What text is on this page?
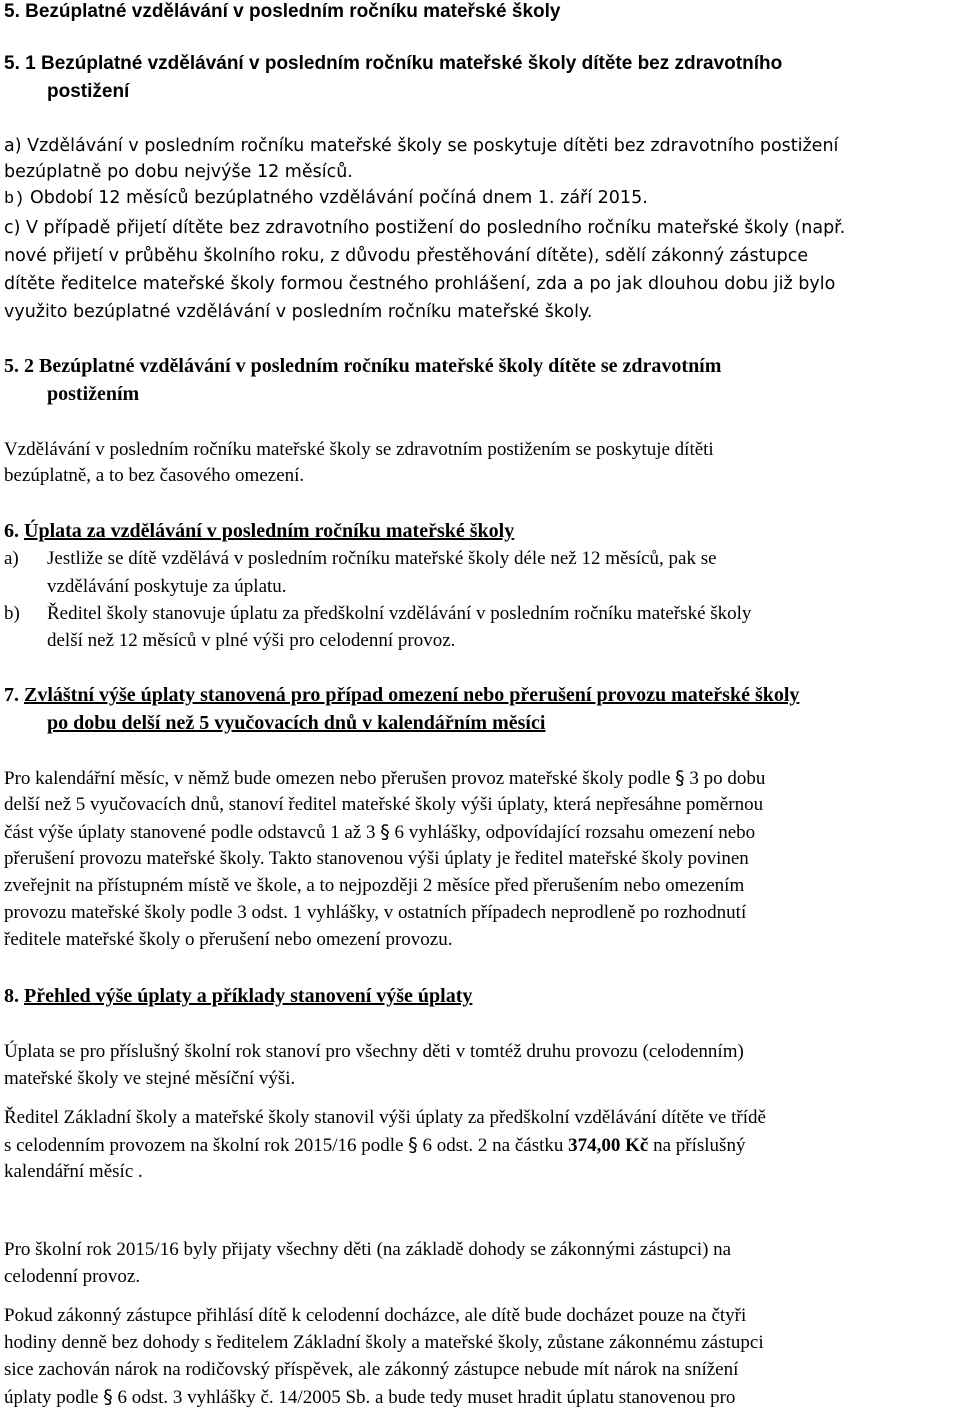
5. Bezúplatné vzdělávání v posledním ročníku mateřské školy
5. 1 Bezúplatné vzdělávání v posledním ročníku mateřské školy dítěte bez zdravotního
postižení
a) Vzdělávání v posledním ročníku mateřské školy se poskytuje dítěti bez zdravotního postižení
bezúplatně po dobu nejvýše 12 měsíců.
b) Období 12 měsíců bezúplatného vzdělávání počíná dnem 1. září 2015.
c) V případě přijetí dítěte bez zdravotního postižení do posledního ročníku mateřské školy (např.
nové přijetí v průběhu školního roku, z důvodu přestěhování dítěte), sdělí zákonný zástupce
dítěte ředitelce mateřské školy formou čestného prohlášení, zda a po jak dlouhou dobu již bylo
využito bezúplatné vzdělávání v posledním ročníku mateřské školy.
5. 2 Bezúplatné vzdělávání v posledním ročníku mateřské školy dítěte se zdravotním
postižením
Vzdělávání v posledním ročníku mateřské školy se zdravotním postižením se poskytuje dítěti
bezúplatně, a to bez časového omezení.
6. Úplata za vzdělávání v posledním ročníku mateřské školy
a) Jestliže se dítě vzdělává v posledním ročníku mateřské školy déle než 12 měsíců, pak se
vzdělávání poskytuje za úplatu.
b) Ředitel školy stanovuje úplatu za předškolní vzdělávání v posledním ročníku mateřské školy
delší než 12 měsíců v plné výši pro celodenní provoz.
7. Zvláštní výše úplaty stanovená pro případ omezení nebo přerušení provozu mateřské školy
po dobu delší než 5 vyučovacích dnů v kalendářním měsíci
Pro kalendářní měsíc, v němž bude omezen nebo přerušen provoz mateřské školy podle § 3 po dobu
delší než 5 vyučovacích dnů, stanoví ředitel mateřské školy výši úplaty, která nepřesáhne poměrnou
část výše úplaty stanovené podle odstavců 1 až 3 § 6 vyhlášky, odpovídající rozsahu omezení nebo
přerušení provozu mateřské školy. Takto stanovenou výši úplaty je ředitel mateřské školy povinen
zveřejnit na přístupném místě ve škole, a to nejpozději 2 měsíce před přerušením nebo omezením
provozu mateřské školy podle 3 odst. 1 vyhlášky, v ostatních případech neprodleně po rozhodnutí
ředitele mateřské školy o přerušení nebo omezení provozu.
8. Přehled výše úplaty a příklady stanovení výše úplaty
Úplata se pro příslušný školní rok stanoví pro všechny děti v tomtéž druhu provozu (celodenním)
mateřské školy ve stejné měsíční výši.
Ředitel Základní školy a mateřské školy stanovil výši úplaty za předškolní vzdělávání dítěte ve třídě
s celodenním provozem na školní rok 2015/16 podle § 6 odst. 2 na částku 374,00 Kč na příslušný
kalendářní měsíc .
Pro školní rok 2015/16 byly přijaty všechny děti (na základě dohody se zákonnými zástupci) na
celodenní provoz.
Pokud zákonný zástupce přihlásí dítě k celodenní docházce, ale dítě bude docházet pouze na čtyři
hodiny denně bez dohody s ředitelem Základní školy a mateřské školy, zůstane zákonnému zástupci
sice zachován nárok na rodičovský příspěvek, ale zákonný zástupce nebude mít nárok na snížení
úplaty podle § 6 odst. 3 vyhlášky č. 14/2005 Sb. a bude tedy muset hradit úplatu stanovenou pro
